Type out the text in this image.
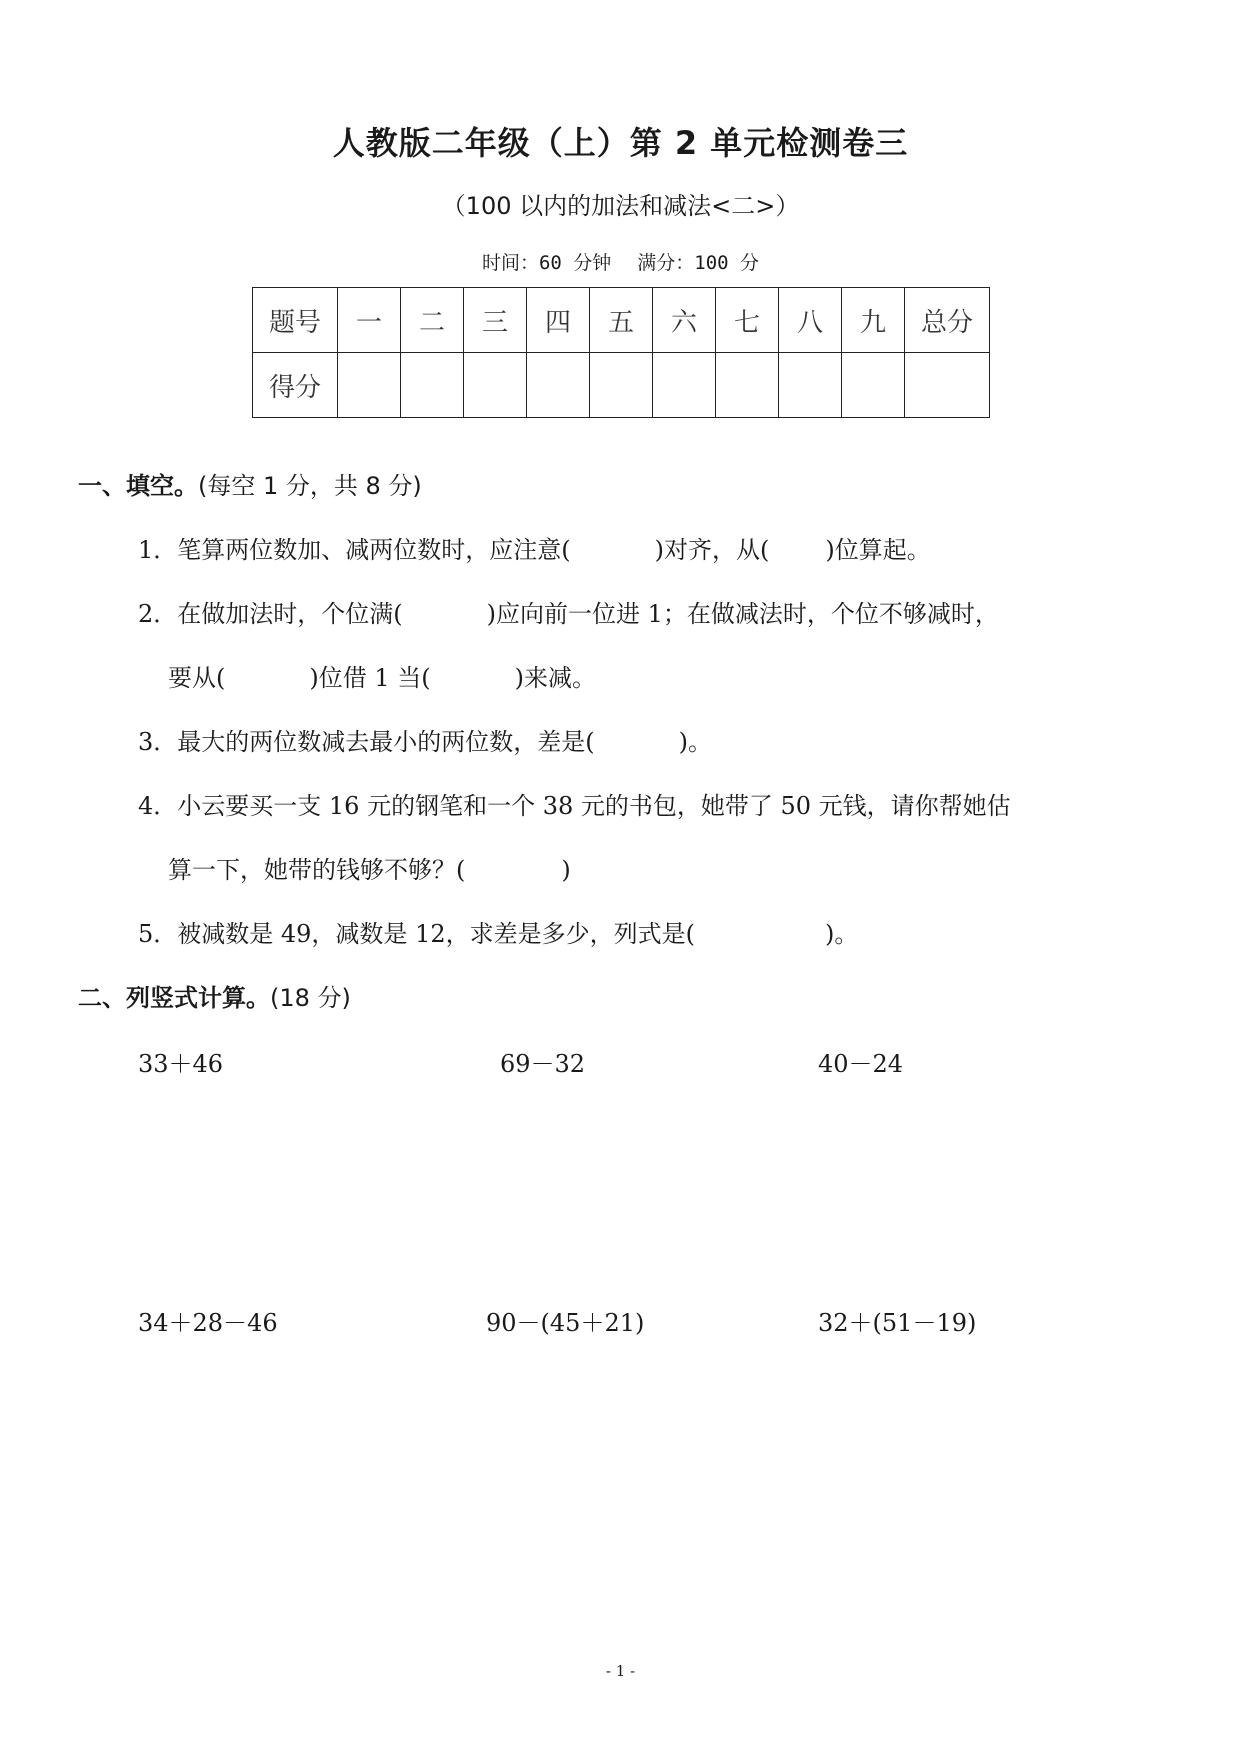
人教版二年级（上）第 2 单元检测卷三
（100 以内的加法和减法<二>）
时间：60 分钟 满分：100 分
题号	一	二	三	四	五	六	七	八	九	总分
得分										
一、填空。(每空 1 分，共 8 分)
1．笔算两位数加、减两位数时，应注意(	)对齐，从( )位算起。
2．在做加法时，个位满(	)应向前一位进 1；在做减法时，个位不够减时，
要从(	)位借 1 当(	)来减。
3．最大的两位数减去最小的两位数，差是(	)。
4．小云要买一支 16 元的钢笔和一个 38 元的书包，她带了 50 元钱，请你帮她估
算一下，她带的钱够不够？(	)
5．被减数是 49，减数是 12，求差是多少，列式是(	)。
二、列竖式计算。(18 分)
33＋46	69－32	40－24
34＋28－46	90－(45＋21)	32＋(51－19)
- 1 -
